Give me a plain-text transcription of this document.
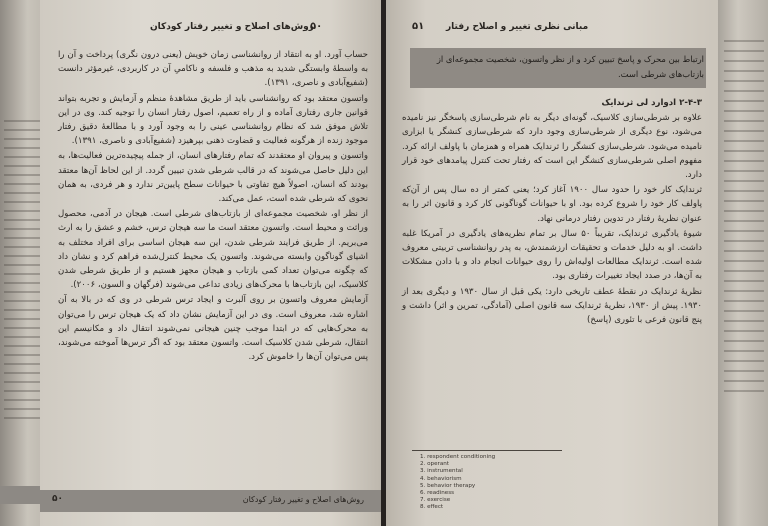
۵۰
روش‌های اصلاح و تغییر رفتار کودکان

حساب آورد. او به انتقاد از روانشناسی زمان خویش (یعنی درون نگری) پرداخت و آن را به واسطهٔ وابستگی شدید به مذهب و فلسفه و ناکامیِ آن در کاربردی، غیرمؤثر دانست (شفیع‌آبادی و ناصری، ۱۳۹۱).

واتسون معتقد بود که روانشناسی باید از طریق مشاهدهٔ منظم و آزمایش و تجربه بتواند قوانین جاری رفتاری آماده و از راه تعمیم، اصول رفتار انسان را توجیه کند. وی در این تلاش موفق شد که نظام روانشناسی عینی را به وجود آورد و با مطالعهٔ دقیق رفتار موجود زنده از هرگونه فعالیت و قضاوت ذهنی بپرهیزد (شفیع‌آبادی و ناصری، ۱۳۹۱).

واتسون و پیروان او معتقدند که تمام رفتارهای انسان، از جمله پیچیده‌ترین فعالیت‌ها، به این دلیل حاصل می‌شوند که در قالب شرطی شدن تبیین گردد. از این لحاظ آن‌ها معتقد بودند که انسان، اصولاً هیچ تفاوتی با حیوانات سطح پایین‌تر ندارد و هر فردی، به همان نحوی که شرطی شده است، عمل می‌کند.

از نظر او، شخصیت مجموعه‌ای از بازتاب‌های شرطی است. هیجان در آدمی، محصول وراثت و محیط است. واتسون معتقد است ما سه هیجان ترس، خشم و عشق را به ارث می‌بریم. از طریق فرایند شرطی شدن، این سه هیجان اساسی برای افراد مختلف به اشیای گوناگون وابسته می‌شوند. واتسون یک محیط کنترل‌شده فراهم کرد و نشان داد که چگونه می‌توان تعداد کمی بازتاب و هیجان مجهز هستیم و از طریق شرطی شدن کلاسیک، این بازتاب‌ها با محرک‌های زیادی تداعی می‌شوند (فرگهان و السون، ۲۰۰۶).

آزمایش معروف واتسون بر روی آلبرت و ایجاد ترس شرطی در وی که در بالا به آن اشاره شد، معروف است. وی در این آزمایش نشان داد که یک هیجان ترس را می‌توان به محرک‌هایی که در ابتدا موجب چنین هیجانی نمی‌شوند انتقال داد و مکانیسم این انتقال، شرطی شدن کلاسیک است. واتسون معتقد بود که اگر ترس‌ها آموخته می‌شوند، پس می‌توان آن‌ها را خاموش کرد.

۵۰	روش‌های اصلاح و تغییر رفتار کودکان
۵۱ مبانی نظری تغییر و اصلاح رفتار
ارتباط بین محرک و پاسخ تبیین کرد و از نظر واتسون، شخصیت مجموعه‌ای از بازتاب‌های شرطی است.

۲-۴-۳ ادوارد لی ثرندایک

علاوه بر شرطی‌سازی کلاسیک، گونه‌ای دیگر به نام شرطی‌سازی پاسخگر نیز نامیده می‌شود، نوع دیگری از شرطی‌سازی وجود دارد که شرطی‌سازی کنشگر یا ابزاری نامیده می‌شود. شرطی‌سازی کنشگر را ثرندایک همراه و همزمان با پاولف ارائه کرد. مفهوم اصلی شرطی‌سازی کنشگر این است که رفتار تحت کنترل پیامدهای خود قرار دارد.

ثرندایک کار خود را حدود سال ۱۹۰۰ آغاز کرد؛ یعنی کمتر از ده سال پس از آن‌که پاولف کار خود را شروع کرده بود. او با حیوانات گوناگونی کار کرد و قانون اثر را به عنوان نظریهٔ رفتار در تدوین رفتار درمانی نهاد.

شیوهٔ یادگیری ثرندایک، تقریباً ۵۰ سال بر تمام نظریه‌های یادگیری در آمریکا غلبه داشت. او به دلیل خدمات و تحقیقات ارزشمندش، به پدر روانشناسی تربیتی معروف شده است. ثرندایک مطالعات اولیه‌اش را روی حیوانات انجام داد و با دادن مشکلات به آن‌ها، در صدد ایجاد تغییرات رفتاری بود.

نظریهٔ ثرندایک در نقطهٔ عطف تاریخی دارد: یکی قبل از سال ۱۹۳۰ و دیگری بعد از ۱۹۳۰. پیش از ۱۹۳۰، نظریهٔ ثرندایک سه قانون اصلی (آمادگی، تمرین و اثر) داشت و پنج قانون فرعی با تئوری (پاسخ)

1. respondent conditioning
2. operant
3. instrumental
4. behaviorism
5. behavior therapy
6. readiness
7. exercise
8. effect
